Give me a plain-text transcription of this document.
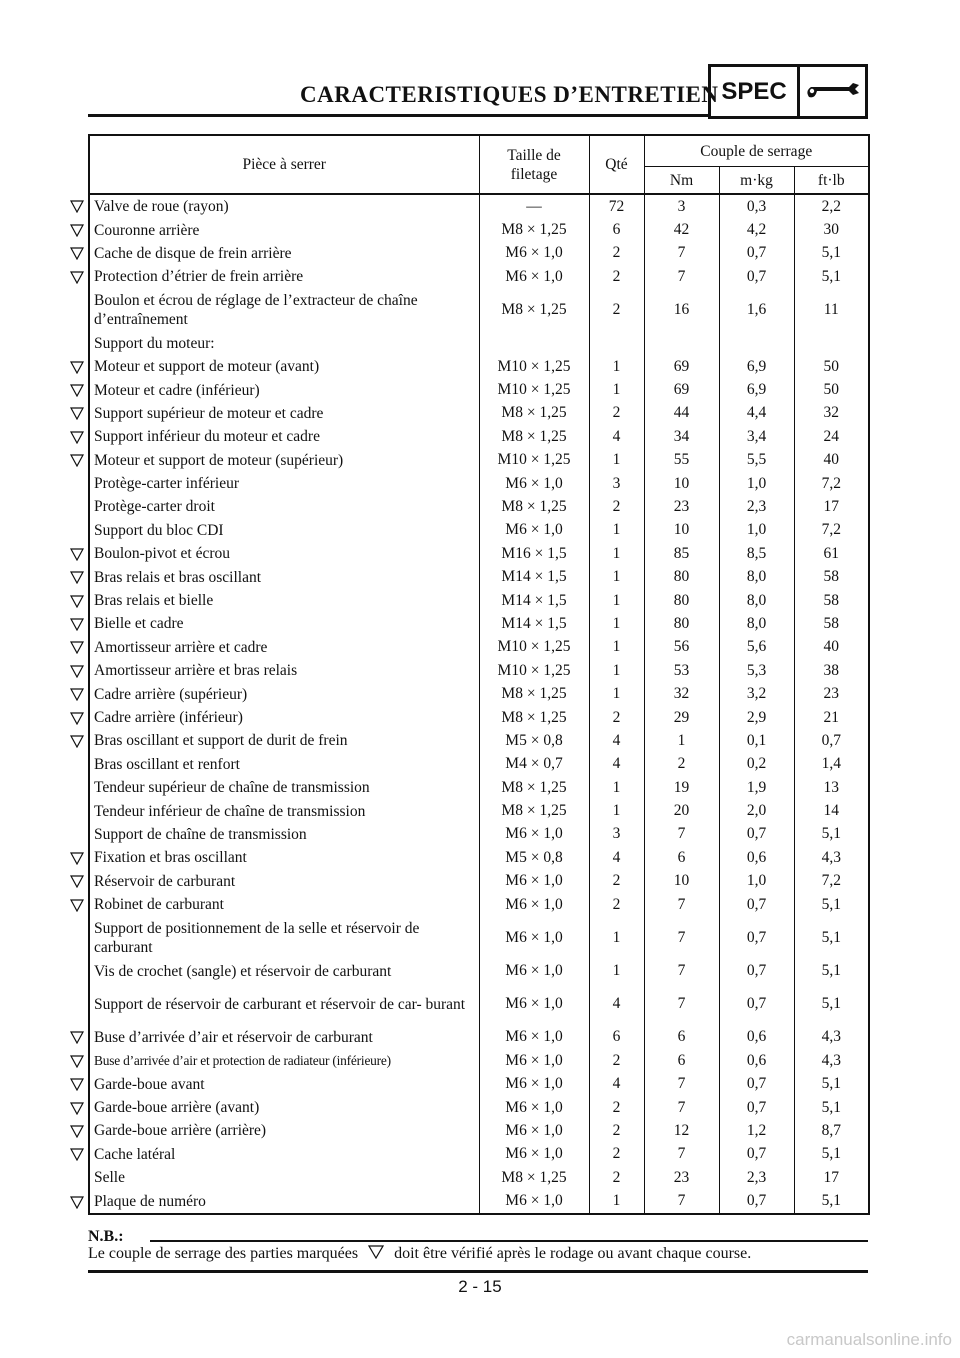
CARACTERISTIQUES D’ENTRETIEN SPEC
Pièce à serrer	Taille de
filetage	Qté	Couple de serrage		
			Nm	m·kg	ft·lb
Valve de roue (rayon)	—	72	3	0,3	2,2
Couronne arrière	M8 × 1,25	6	42	4,2	30
Cache de disque de frein arrière	M6 × 1,0	2	7	0,7	5,1
Protection d’étrier de frein arrière	M6 × 1,0	2	7	0,7	5,1
Boulon et écrou de réglage de l’extracteur de chaîne d’entraînement	M8 × 1,25	2	16	1,6	11
Support du moteur:					
Moteur et support de moteur (avant)	M10 × 1,25	1	69	6,9	50
Moteur et cadre (inférieur)	M10 × 1,25	1	69	6,9	50
Support supérieur de moteur et cadre	M8 × 1,25	2	44	4,4	32
Support inférieur du moteur et cadre	M8 × 1,25	4	34	3,4	24
Moteur et support de moteur (supérieur)	M10 × 1,25	1	55	5,5	40
Protège-carter inférieur	M6 × 1,0	3	10	1,0	7,2
Protège-carter droit	M8 × 1,25	2	23	2,3	17
Support du bloc CDI	M6 × 1,0	1	10	1,0	7,2
Boulon-pivot et écrou	M16 × 1,5	1	85	8,5	61
Bras relais et bras oscillant	M14 × 1,5	1	80	8,0	58
Bras relais et bielle	M14 × 1,5	1	80	8,0	58
Bielle et cadre	M14 × 1,5	1	80	8,0	58
Amortisseur arrière et cadre	M10 × 1,25	1	56	5,6	40
Amortisseur arrière et bras relais	M10 × 1,25	1	53	5,3	38
Cadre arrière (supérieur)	M8 × 1,25	1	32	3,2	23
Cadre arrière (inférieur)	M8 × 1,25	2	29	2,9	21
Bras oscillant et support de durit de frein	M5 × 0,8	4	1	0,1	0,7
Bras oscillant et renfort	M4 × 0,7	4	2	0,2	1,4
Tendeur supérieur de chaîne de transmission	M8 × 1,25	1	19	1,9	13
Tendeur inférieur de chaîne de transmission	M8 × 1,25	1	20	2,0	14
Support de chaîne de transmission	M6 × 1,0	3	7	0,7	5,1
Fixation et bras oscillant	M5 × 0,8	4	6	0,6	4,3
Réservoir de carburant	M6 × 1,0	2	10	1,0	7,2
Robinet de carburant	M6 × 1,0	2	7	0,7	5,1
Support de positionnement de la selle et réservoir de carburant	M6 × 1,0	1	7	0,7	5,1
Vis de crochet (sangle) et réservoir de carburant	M6 × 1,0	1	7	0,7	5,1
Support de réservoir de carburant et réservoir de car- burant	M6 × 1,0	4	7	0,7	5,1
Buse d’arrivée d’air et réservoir de carburant	M6 × 1,0	6	6	0,6	4,3
Buse d’arrivée d’air et protection de radiateur (inférieure)	M6 × 1,0	2	6	0,6	4,3
Garde-boue avant	M6 × 1,0	4	7	0,7	5,1
Garde-boue arrière (avant)	M6 × 1,0	2	7	0,7	5,1
Garde-boue arrière (arrière)	M6 × 1,0	2	12	1,2	8,7
Cache latéral	M6 × 1,0	2	7	0,7	5,1
Selle	M8 × 1,25	2	23	2,3	17
Plaque de numéro	M6 × 1,0	1	7	0,7	5,1
N.B.:
Le couple de serrage des parties marquées doit être vérifié après le rodage ou avant chaque course.
2 - 15
carmanualsonline.info
